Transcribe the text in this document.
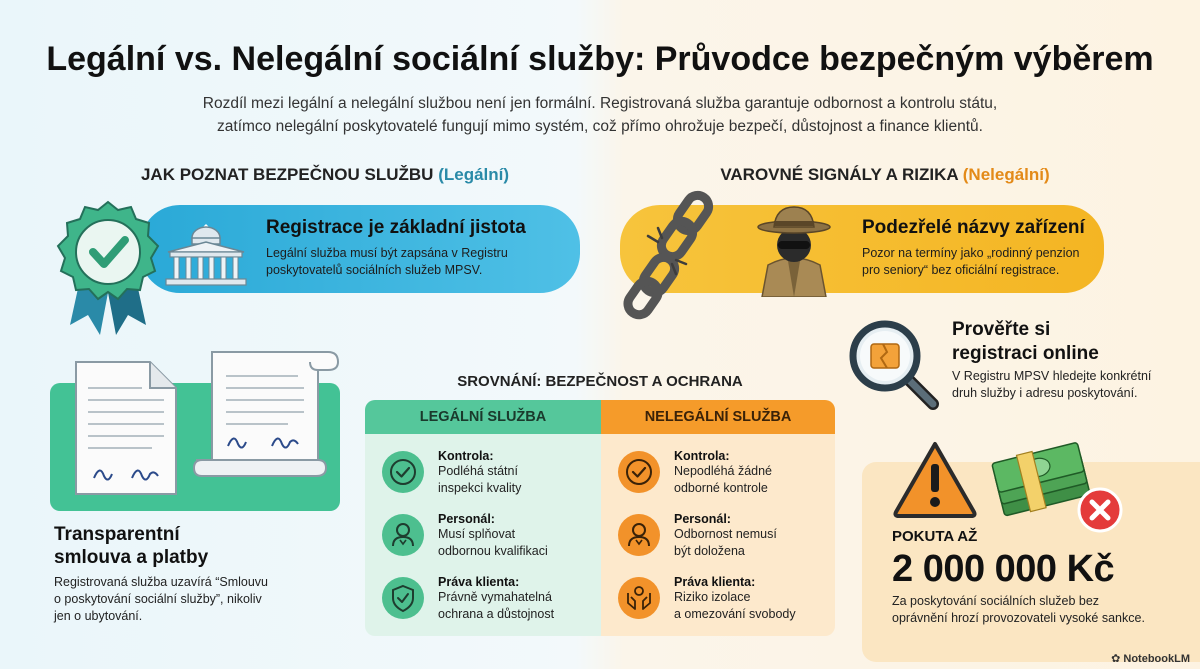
Legální vs. Nelegální sociální služby: Průvodce bezpečným výběrem
Rozdíl mezi legální a nelegální službou není jen formální. Registrovaná služba garantuje odbornost a kontrolu státu,
zatímco nelegální poskytovatelé fungují mimo systém, což přímo ohrožuje bezpečí, důstojnost a finance klientů.
JAK POZNAT BEZPEČNOU SLUŽBU (Legální)	VAROVNÉ SIGNÁLY A RIZIKA (Nelegální)
Registrace je základní jistota
Legální služba musí být zapsána v Registru
poskytovatelů sociálních služeb MPSV.
Podezřelé názvy zařízení
Pozor na termíny jako „rodinný penzion
pro seniory“ bez oficiální registrace.
Prověřte si
registraci online
V Registru MPSV hledejte konkrétní
druh služby i adresu poskytování.
Transparentní
smlouva a platby
Registrovaná služba uzavírá “Smlouvu
o poskytování sociální služby”, nikoliv
jen o ubytování.
SROVNÁNÍ: BEZPEČNOST A OCHRANA
LEGÁLNÍ SLUŽBA	NELEGÁLNÍ SLUŽBA
Kontrola:
Podléhá státní
inspekci kvality
Personál:
Musí splňovat
odbornou kvalifikaci
Práva klienta:
Právně vymahatelná
ochrana a důstojnost
Kontrola:
Nepodléhá žádné
odborné kontrole
Personál:
Odbornost nemusí
být doložena
Práva klienta:
Riziko izolace
a omezování svobody
POKUTA AŽ
2 000 000 Kč
Za poskytování sociálních služeb bez
oprávnění hrozí provozovateli vysoké sankce.
✿ NotebookLM
